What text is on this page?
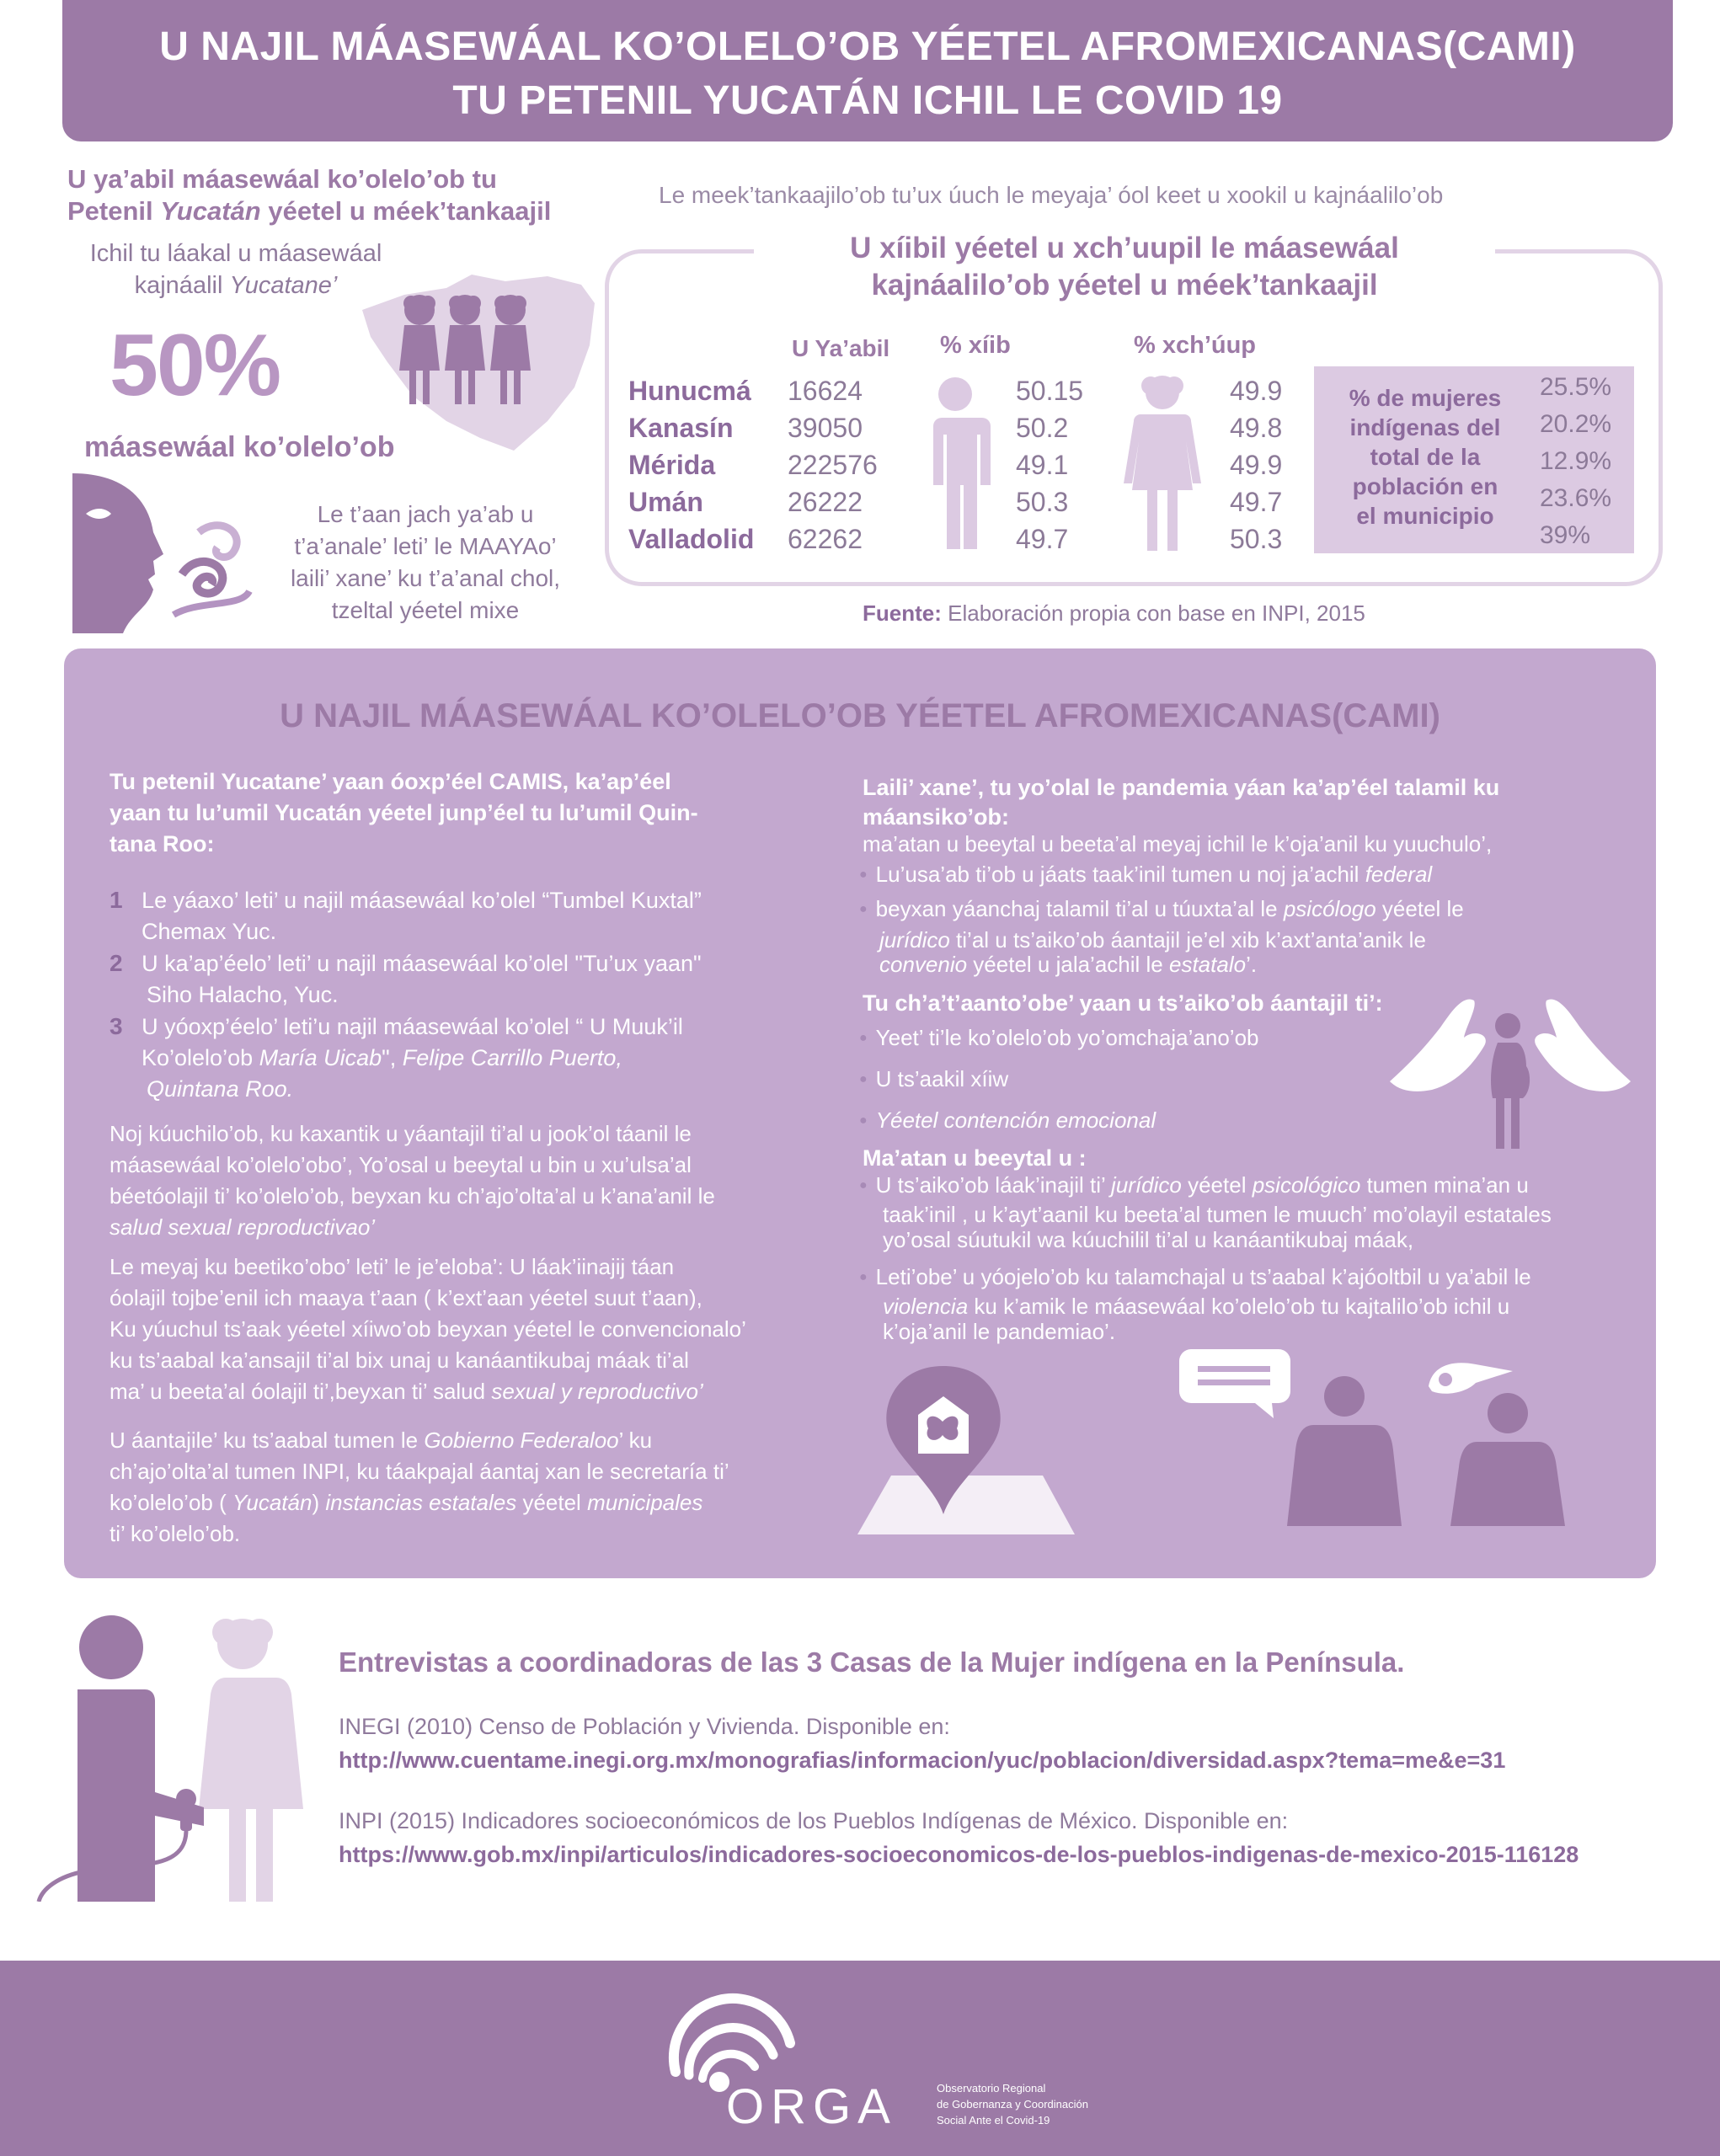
U NAJIL MÁASEWÁAL KO’OLELO’OB YÉETEL AFROMEXICANAS(CAMI)
TU PETENIL YUCATÁN ICHIL LE COVID 19
U ya’abil máasewáal ko’olelo’ob tu
Petenil Yucatán yéetel u méek’tankaajil
Ichil tu láakal u máasewáal
kajnáalil Yucatane’
50%
máasewáal ko’olelo’ob
Le t’aan jach ya’ab u
t’a’anale’ leti’ le MAAYAo’
laili’ xane’ ku t’a’anal chol,
tzeltal yéetel mixe
Le meek’tankaajilo’ob tu’ux úuch le meyaja’ óol keet u xookil u kajnáalilo’ob
U xíibil yéetel u xch’uupil le máasewáal
kajnáalilo’ob yéetel u méek’tankaajil
U Ya’abil % xíib	% xch’úup
Hunucmá
Kanasín
Mérida
Umán
Valladolid
16624
39050
222576
26222
62262
50.15
50.2
49.1
50.3
49.7
49.9
49.8
49.9
49.7
50.3
% de mujeres
indígenas del
total de la
población en
el municipio
25.5%
20.2%
12.9%
23.6%
39%
Fuente: Elaboración propia con base en INPI, 2015
U NAJIL MÁASEWÁAL KO’OLELO’OB YÉETEL AFROMEXICANAS(CAMI)
Tu petenil Yucatane’ yaan óoxp’éel CAMIS, ka’ap’éel
yaan tu lu’umil Yucatán yéetel junp’éel tu lu’umil Quin-
tana Roo:
1 Le yáaxo’ leti’ u najil máasewáal ko’olel “Tumbel Kuxtal”
Chemax Yuc.
2 U ka’ap’éelo’ leti’ u najil máasewáal ko’olel "Tu’ux yaan"
Siho Halacho, Yuc.
3 U yóoxp’éelo’ leti’u najil máasewáal ko’olel “ U Muuk’il
Ko’olelo’ob María Uicab", Felipe Carrillo Puerto,
Quintana Roo.
Noj kúuchilo’ob, ku kaxantik u yáantajil ti’al u jook’ol táanil le
máasewáal ko’olelo’obo’, Yo’osal u beeytal u bin u xu’ulsa’al
béetóolajil ti’ ko’olelo’ob, beyxan ku ch’ajo’olta’al u k’ana’anil le
salud sexual reproductivao’
Le meyaj ku beetiko’obo’ leti’ le je’eloba’: U láak’iinajij táan
óolajil tojbe’enil ich maaya t’aan ( k’ext’aan yéetel suut t’aan),
Ku yúuchul ts’aak yéetel xíiwo’ob beyxan yéetel le convencionalo’
ku ts’aabal ka’ansajil ti’al bix unaj u kanáantikubaj máak ti’al
ma’ u beeta’al óolajil ti’,beyxan ti’ salud sexual y reproductivo’
U áantajile’ ku ts’aabal tumen le Gobierno Federaloo’ ku
ch’ajo’olta’al tumen INPI, ku táakpajal áantaj xan le secretaría ti’
ko’olelo’ob ( Yucatán) instancias estatales yéetel municipales
ti’ ko’olelo’ob.
Laili’ xane’, tu yo’olal le pandemia yáan ka’ap’éel talamil ku
máansiko’ob:
ma’atan u beeytal u beeta’al meyaj ichil le k’oja’anil ku yuuchulo’,
● Lu’usa’ab ti’ob u jáats taak’inil tumen u noj ja’achil federal
● beyxan yáanchaj talamil ti’al u túuxta’al le psicólogo yéetel le
jurídico ti’al u ts’aiko’ob áantajil je’el xib k’axt’anta’anik le
convenio yéetel u jala’achil le estatalo’.
Tu ch’a’t’aanto’obe’ yaan u ts’aiko’ob áantajil ti’:
● Yeet’ ti’le ko’olelo’ob yo’omchaja’ano’ob
● U ts’aakil xíiw
● Yéetel contención emocional
Ma’atan u beeytal u :
● U ts’aiko’ob láak’inajil ti’ jurídico yéetel psicológico tumen mina’an u
taak’inil , u k’ayt’aanil ku beeta’al tumen le muuch’ mo’olayil estatales
yo’osal súutukil wa kúuchilil ti’al u kanáantikubaj máak,
● Leti’obe’ u yóojelo’ob ku talamchajal u ts’aabal k’ajóoltbil u ya’abil le
violencia ku k’amik le máasewáal ko’olelo’ob tu kajtalilo’ob ichil u
k’oja’anil le pandemiao’.
Entrevistas a coordinadoras de las 3 Casas de la Mujer indígena en la Península.
INEGI (2010) Censo de Población y Vivienda. Disponible en:
http://www.cuentame.inegi.org.mx/monografias/informacion/yuc/poblacion/diversidad.aspx?tema=me&e=31
INPI (2015) Indicadores socioeconómicos de los Pueblos Indígenas de México. Disponible en:
https://www.gob.mx/inpi/articulos/indicadores-socioeconomicos-de-los-pueblos-indigenas-de-mexico-2015-116128
ORGA	Observatorio Regional
de Gobernanza y Coordinación
Social Ante el Covid-19
